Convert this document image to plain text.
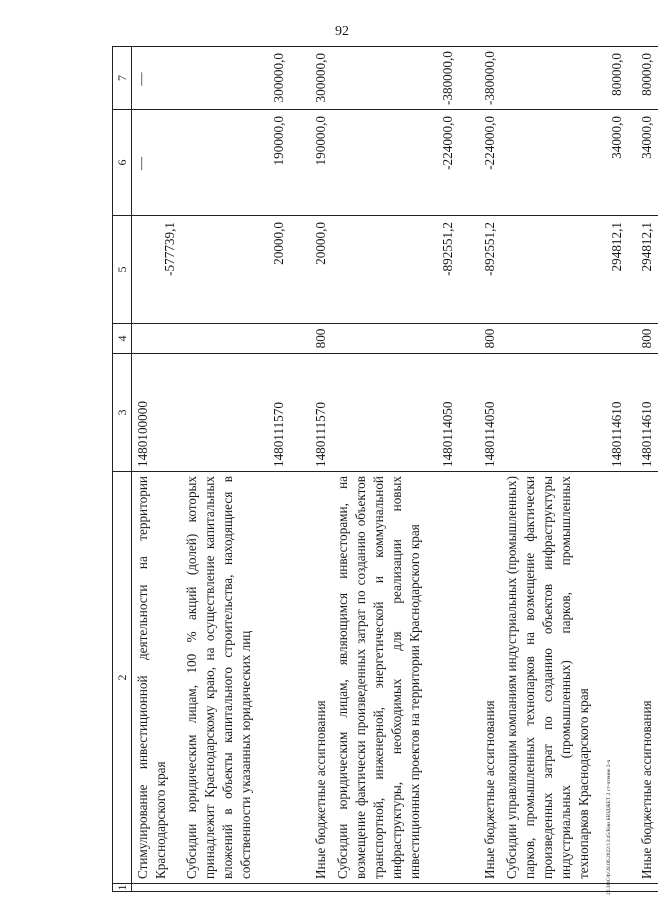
92
20.ЗОСФ/28.06.2022/13:45/Кнн БЮДЖЕТ 2 ст-чтение 2-ч
1	2	3	4	5	6	7
	Стимулирование инвестиционной деятельности на территории Краснодарского края	1480100000		-577739,1	—	—
	Субсидии юридическим лицам, 100 % акций (долей) которых принадлежит Краснодарскому краю, на осуществление капитальных вложений в объекты капитального строительства, находящиеся в собственности указанных юридических лиц	1480111570		20000,0	190000,0	300000,0
	Иные бюджетные ассигнования	1480111570	800	20000,0	190000,0	300000,0
	Субсидии юридическим лицам, являющимся инвесторами, на возмещение фактически произведенных затрат по созданию объектов транспортной, инженерной, энергетической и коммунальной инфраструктуры, необходимых для реализации новых инвестиционных проектов на территории Краснодарского края	1480114050		-892551,2	-224000,0	-380000,0
	Иные бюджетные ассигнования	1480114050	800	-892551,2	-224000,0	-380000,0
	Субсидии управляющим компаниям индустриальных (промышленных) парков, промышленных технопарков на возмещение фактически произведенных затрат по созданию объектов инфраструктуры индустриальных (промышленных) парков, промышленных технопарков Краснодарского края	1480114610		294812,1	34000,0	80000,0
	Иные бюджетные ассигнования	1480114610	800	294812,1	34000,0	80000,0
